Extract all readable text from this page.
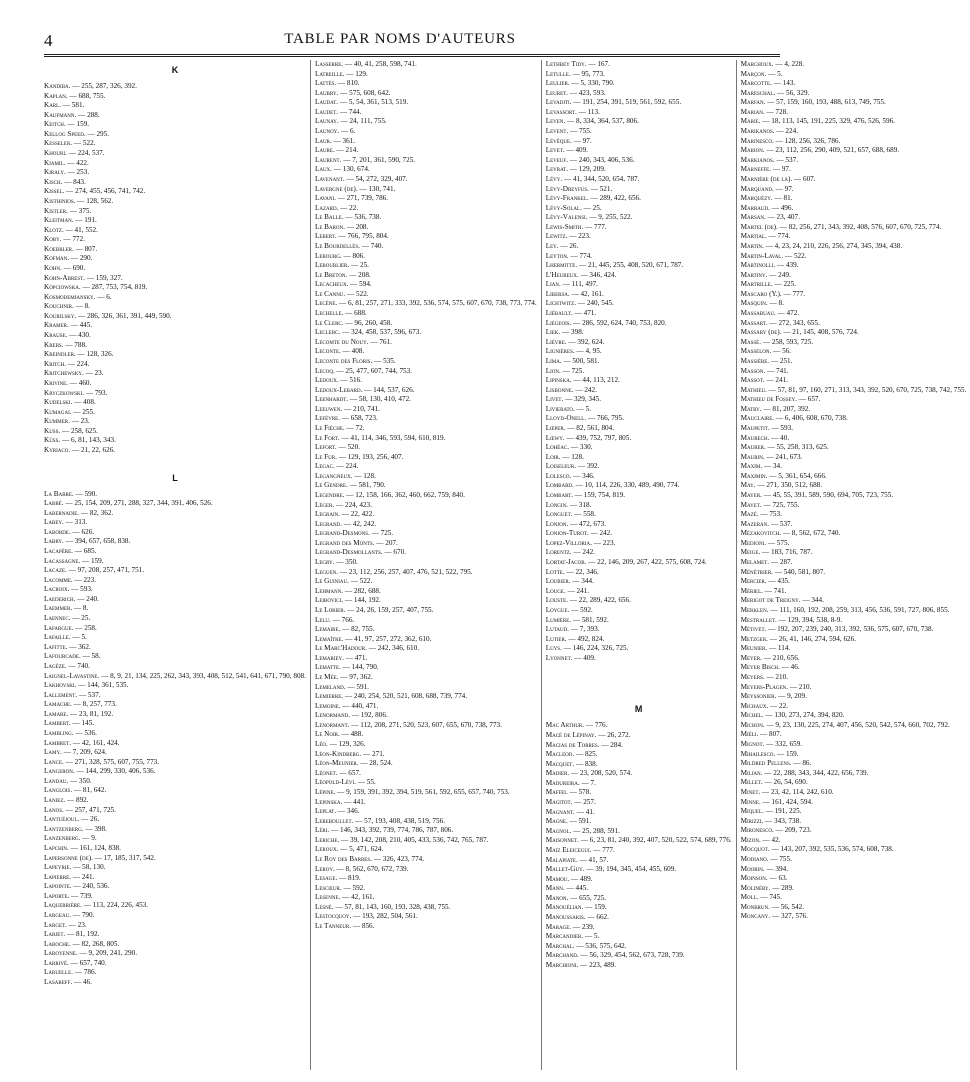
4	TABLE PAR NOMS D'AUTEURS
K
Kandiba. — 255, 287, 326, 392.
Kaplan. — 688, 755.
Karl. — 581.
Kaufmann. — 288.
Keitch. — 159.
Kellog Speed. — 295.
Kesseler. — 522.
Khouri. — 224, 537.
Kiamil. — 422.
Kiraly. — 253.
Kisch. — 843.
Kissel. — 274, 455, 456, 741, 742.
Kisthinios. — 128, 562.
Kistler. — 375.
Kleitman. — 191.
Klotz. — 41, 552.
Koby. — 772.
Koebbler. — 807.
Kofman. — 290.
Kohn. — 690.
Kohn-Abrest. — 159, 327.
Kopciowska. — 287, 753, 754, 819.
Kosmodemiansky. — 6.
Kouchnir. — 8.
Kourilsky. — 286, 326, 361, 391, 449, 590.
Kramer. — 445.
Krause. — 430.
Krebs. — 788.
Kreindler. — 128, 326.
Kritch. — 224.
Kritchewsky. — 23.
Krivine. — 460.
Kryczkowski. — 793.
Kudelski. — 408.
Kumagai. — 255.
Kummer. — 23.
Kuss. — 258, 625.
Küss. — 6, 81, 143, 343.
Kyriaco. — 21, 22, 626.
L
La Barre. — 590.
Labbé. — 25, 154, 209, 271, 288, 327, 344, 391, 406, 526.
Labernadie. — 82, 362.
Labey. — 313.
Laborde. — 626.
Labry. — 394, 657, 658, 838.
Lacapère. — 685.
Lacassagne. — 159.
Lacaze. — 97, 208, 257, 471, 751.
Lacomme. — 223.
Lacroix. — 593.
Laederich. — 240.
Laemmer. — 8.
Laennec. — 25.
Lafargue. — 258.
Lafaille. — 5.
Lafitte. — 362.
Lafourcade. — 58.
Lagèze. — 740.
Laignel-Lavastine. — 8, 9, 21, 134, 225, 262, 343, 393, 408, 512, 541, 641, 671, 790, 808.
Lakhovski. — 144, 361, 535.
Lallement. — 537.
Lamache. — 8, 257, 773.
Lamare. — 23, 81, 192.
Lambert. — 145.
Lambling. — 536.
Lambret. — 42, 161, 424.
Lamy. — 7, 209, 624.
Lance. — 271, 328, 575, 607, 755, 773.
Langeron. — 144, 299, 330, 406, 536.
Landau. — 350.
Langlois. — 81, 642.
Laniez. — 892.
Lanos. — 257, 471, 725.
Lantuéjoul. — 26.
Lantzenberg. — 398.
Lanzenberg. — 9.
Lapchin. — 161, 124, 838.
Lapersonne (de). — 17, 185, 317, 542.
Lapeyrie. — 58, 130.
Lapierre. — 241.
Lapointe. — 240, 536.
Laporte. — 739.
Laquerrière. — 113, 224, 226, 453.
Largeau. — 790.
Larget. — 23.
Larjet. — 81, 192.
Laroche. — 82, 268, 805.
Laroyenne. — 9, 209, 241, 290.
Larrivé. — 657, 740.
Laruelle. — 786.
Lasareff. — 46.
Lasserre. — 40, 41, 258, 598, 741.
Latreille. — 129.
Lattès. — 810.
Laubry. — 575, 608, 642.
Laudat. — 5, 54, 361, 513, 519.
Laudet. — 744.
Launay. — 24, 111, 755.
Launoy. — 6.
Laur. — 361.
Laure. — 214.
Laurent. — 7, 201, 361, 590, 725.
Laux. — 130, 674.
Lavenant. — 54, 272, 329, 407.
Lavergne (de). — 130, 741.
Lavani. — 271, 739, 786.
Lazard. — 22.
Le Balle. — 536, 738.
Le Baron. — 208.
Lebert. — 766, 795, 804.
Le Bourdellès. — 740.
Lebourg. — 806.
Lebourlier. — 25.
Le Breton. — 208.
Lecacheux. — 594.
Le Cannu. — 522.
Lecène. — 6, 81, 257, 271, 333, 392, 536, 574, 575, 607, 670, 738, 773, 774.
Lechelle. — 688.
Le Clerc. — 96, 260, 458.
Leclerc. — 324, 458, 537, 596, 673.
Lecomte du Nouy. — 761.
Leconte. — 408.
Leconte des Floris. — 535.
Lecoq. — 25, 477, 607, 744, 753.
Ledoux. — 516.
Ledoux-Lebard. — 144, 537, 626.
Leenhardt. — 58, 130, 410, 472.
Leeuwen. — 210, 741.
Lefèvre. — 658, 723.
Le Fièche. — 72.
Le Fort. — 41, 114, 346, 593, 594, 610, 819.
Lefort. — 520.
Le Fur. — 129, 193, 256, 407.
Legac. — 224.
Legangneux. — 128.
Le Gendre. — 581, 790.
Legendre. — 12, 158, 166, 362, 460, 662, 759, 840.
Léger. — 224, 423.
Legrain. — 22, 422.
Legrand. — 42, 242.
Legrand-Desmons. — 725.
Legrand des Monts. — 207.
Legrand-Desmollants. — 670.
Legry. — 350.
Leguen. — 23, 112, 256, 257, 407, 476, 521, 522, 795.
Le Guiniau. — 522.
Lehmann. — 282, 688.
Leibovici. — 144, 192.
Le Lorier. — 24, 26, 159, 257, 407, 755.
Lelu. — 766.
Lemaire. — 82, 755.
Lemaître. — 41, 97, 257, 272, 362, 610.
Le Marc'Hadour. — 242, 346, 610.
Lemariey. — 471.
Lematte. — 144, 790.
Le Mée. — 97, 362.
Lemeland. — 591.
Lemierre. — 240, 254, 520, 521, 608, 688, 739, 774.
Lemoine. — 440, 471.
Lenormand. — 192, 806.
Lenormant. — 112, 208, 271, 520, 523, 607, 655, 670, 738, 773.
Le Noir. — 488.
Léo. — 129, 326.
Léon-Kindberg. — 271.
Léon-Meunier. — 28, 524.
Léonet. — 657.
Léopold-Lévi. — 55.
Lépine. — 9, 159, 391, 392, 394, 519, 561, 592, 655, 657, 740, 753.
Lepinska. — 441.
Leplat. — 346.
Lereboullet. — 57, 193, 408, 438, 519, 756.
Léri. — 146, 343, 392, 739, 774, 786, 787, 806.
Leriche. — 39, 142, 208, 210, 405, 433, 536, 742, 765, 787.
Leroux. — 5, 471, 624.
Le Roy des Barres. — 326, 423, 774.
Leroy. — 8, 562, 670, 672, 739.
Lesage. — 819.
Lescœur. — 592.
Lesenne. — 42, 161.
Lesné. — 57, 81, 143, 160, 193, 328, 438, 755.
Lestocquoy. — 193, 282, 504, 561.
Le Tanneur. — 856.
Lethbey Tidy. — 167.
Letulle. — 95, 773.
Leulier. — 5, 330, 790.
Leuret. — 423, 593.
Levaditi. — 191, 254, 391, 519, 561, 592, 655.
Levassort. — 113.
Leven. — 8, 334, 364, 537, 806.
Levent. — 755.
Lévêque. — 97.
Levet. — 409.
Leveuf. — 240, 343, 406, 536.
Levrat. — 129, 209.
Lévy. — 41, 344, 520, 654, 787.
Lévy-Dreyfus. — 521.
Lévy-Frankel. — 289, 422, 656.
Lévy-Solal. — 25.
Lévy-Valensi. — 9, 255, 522.
Lewis-Smith. — 777.
Lewitz. — 223.
Ley. — 26.
Leyton. — 774.
Lhermitte. — 21, 445, 255, 408, 520, 671, 787.
L'Heureux. — 346, 424.
Lian. — 111, 497.
Libersa. — 42, 161.
Lichtwitz. — 240, 545.
Liébault. — 471.
Liégeois. — 286, 592, 624, 740, 753, 820.
Liek. — 398.
Liévre. — 392, 624.
Lignières. — 4, 95.
Lima. — 500, 581.
Lion. — 725.
Lipinska. — 44, 113, 212.
Lisbonne. — 242.
Livet. — 329, 345.
Livierato. — 5.
Lloyd-Onell. — 766, 795.
Lœper. — 82, 561, 804.
Lœwy. — 439, 752, 797, 805.
Lohéac. — 330.
Loir. — 128.
Loiseleur. — 392.
Lolesco. — 346.
Lombard. — 10, 114, 226, 330, 489, 490, 774.
Lombart. — 159, 754, 819.
Longin. — 318.
Longuet. — 558.
Lonjon. — 472, 673.
Lonjon-Turot. — 242.
Lopez-Villoria. — 223.
Lorentz. — 242.
Lortat-Jacob. — 22, 146, 209, 267, 422, 575, 608, 724.
Lotte. — 22, 346.
Loubier. — 344.
Louge. — 241.
Louste. — 22, 289, 422, 656.
Loygue. — 592.
Lumière. — 581, 592.
Lutaud. — 7, 393.
Lutier. — 492, 824.
Luys. — 146, 224, 326, 725.
Lyonnet. — 409.
M
Mac Arthur. — 776.
Macé de Lépinay. — 26, 272.
Macias de Torres. — 284.
Macleod. — 825.
Macquet. — 838.
Madier. — 23, 208, 520, 574.
Madureira. — 7.
Maffei. — 578.
Magitot. — 257.
Magnant. — 41.
Magne. — 591.
Magnol. — 25, 288, 591.
Maisonnet. — 6, 23, 81, 240, 392, 407, 520, 522, 574, 689, 776.
Maiz Eleicegui. — 777.
Malapiate. — 41, 57.
Mallet-Guy. — 39, 194, 345, 454, 455, 609.
Mamou. — 489.
Mann. — 445.
Manon. — 655, 725.
Manouélian. — 159.
Manoussakis. — 662.
Marage. — 239.
Marcandier. — 5.
Marchal. — 536, 575, 642.
Marchand. — 56, 329, 454, 562, 673, 728, 739.
Marchioni. — 223, 489.
Marchoux. — 4, 228.
Marçon. — 5.
Marcotte. — 143.
Mareschal. — 56, 329.
Marfan. — 57, 159, 160, 193, 488, 613, 749, 755.
Marian. — 728.
Marie. — 18, 113, 145, 191, 225, 329, 476, 526, 596.
Marikanos. — 224.
Marinesco. — 128, 256, 326, 786.
Marion. — 23, 112, 256, 290, 409, 521, 657, 688, 689.
Markianos. — 537.
Marneffe. — 97.
Marnière (de la). — 607.
Marquand. — 97.
Marquézy. — 81.
Marraud. — 496.
Marsan. — 23, 407.
Martel (de). — 82, 256, 271, 343, 392, 408, 576, 607, 670, 725, 774.
Martial. — 774.
Martin. — 4, 23, 24, 210, 226, 256, 274, 345, 394, 438.
Martin-Laval. — 522.
Martinolli. — 439.
Martiny. — 249.
Martrille. — 225.
Mascaro (Y.). — 777.
Masquin. — 8.
Massabuau. — 472.
Massart. — 272, 343, 655.
Massary (de). — 21, 145, 408, 576, 724.
Massé. — 258, 593, 725.
Masselon. — 56.
Massière. — 251.
Masson. — 741.
Massot. — 241.
Mathieu. — 57, 81, 97, 160, 271, 313, 343, 392, 520, 670, 725, 738, 742, 755.
Mathieu de Fossey. — 657.
Matry. — 81, 207, 392.
Mauclaire. — 6, 406, 608, 670, 738.
Maupetit. — 593.
Maurech. — 40.
Maurer. — 55, 258, 313, 625.
Maurin. — 241, 673.
Maxim. — 34.
Maximin. — 5, 361, 654, 666.
May. — 271, 350, 512, 688.
Mayer. — 45, 55, 391, 589, 590, 694, 705, 723, 755.
Mayet. — 725, 755.
Mazé. — 753.
Mazeran. — 537.
Mézakovitch. — 8, 562, 672, 740.
Medioni. — 575.
Meige. — 183, 716, 787.
Melamet. — 287.
Ménétrier. — 540, 581, 807.
Mercier. — 435.
Mériel. — 741.
Merigot de Treigny. — 344.
Merklen. — 111, 160, 192, 208, 259, 313, 456, 536, 591, 727, 806, 855.
Mestrallet. — 129, 394, 538, 8-9.
Métivet. — 192, 207, 239, 240, 313, 392, 536, 575, 607, 670, 738.
Metzger. — 26, 41, 146, 274, 594, 626.
Meunier. — 114.
Meyer. — 210, 656.
Meyer Bisch. — 46.
Meyers. — 210.
Meyers-Plagen. — 210.
Meyssonier. — 9, 209.
Michaux. — 22.
Michel. — 130, 273, 274, 394, 820.
Michon. — 9, 23, 130, 225, 274, 407, 456, 520, 542, 574, 660, 702, 792.
Miéli. — 807.
Mignot. — 332, 659.
Mihailesco. — 159.
Mildred Pellens. — 86.
Milian. — 22, 288, 343, 344, 422, 656, 739.
Millet. — 26, 54, 690.
Minet. — 23, 42, 114, 242, 610.
Minne. — 161, 424, 594.
Miquel. — 191, 225.
Mirizzi. — 343, 738.
Mironesco. — 209, 723.
Mizon. — 42.
Mocquot. — 143, 207, 392, 535, 536, 574, 608, 738.
Modiano. — 755.
Moorin. — 394.
Moinson. — 63.
Molinéry. — 289.
Moll. — 745.
Monbrun. — 56, 542.
Moncany. — 327, 576.
